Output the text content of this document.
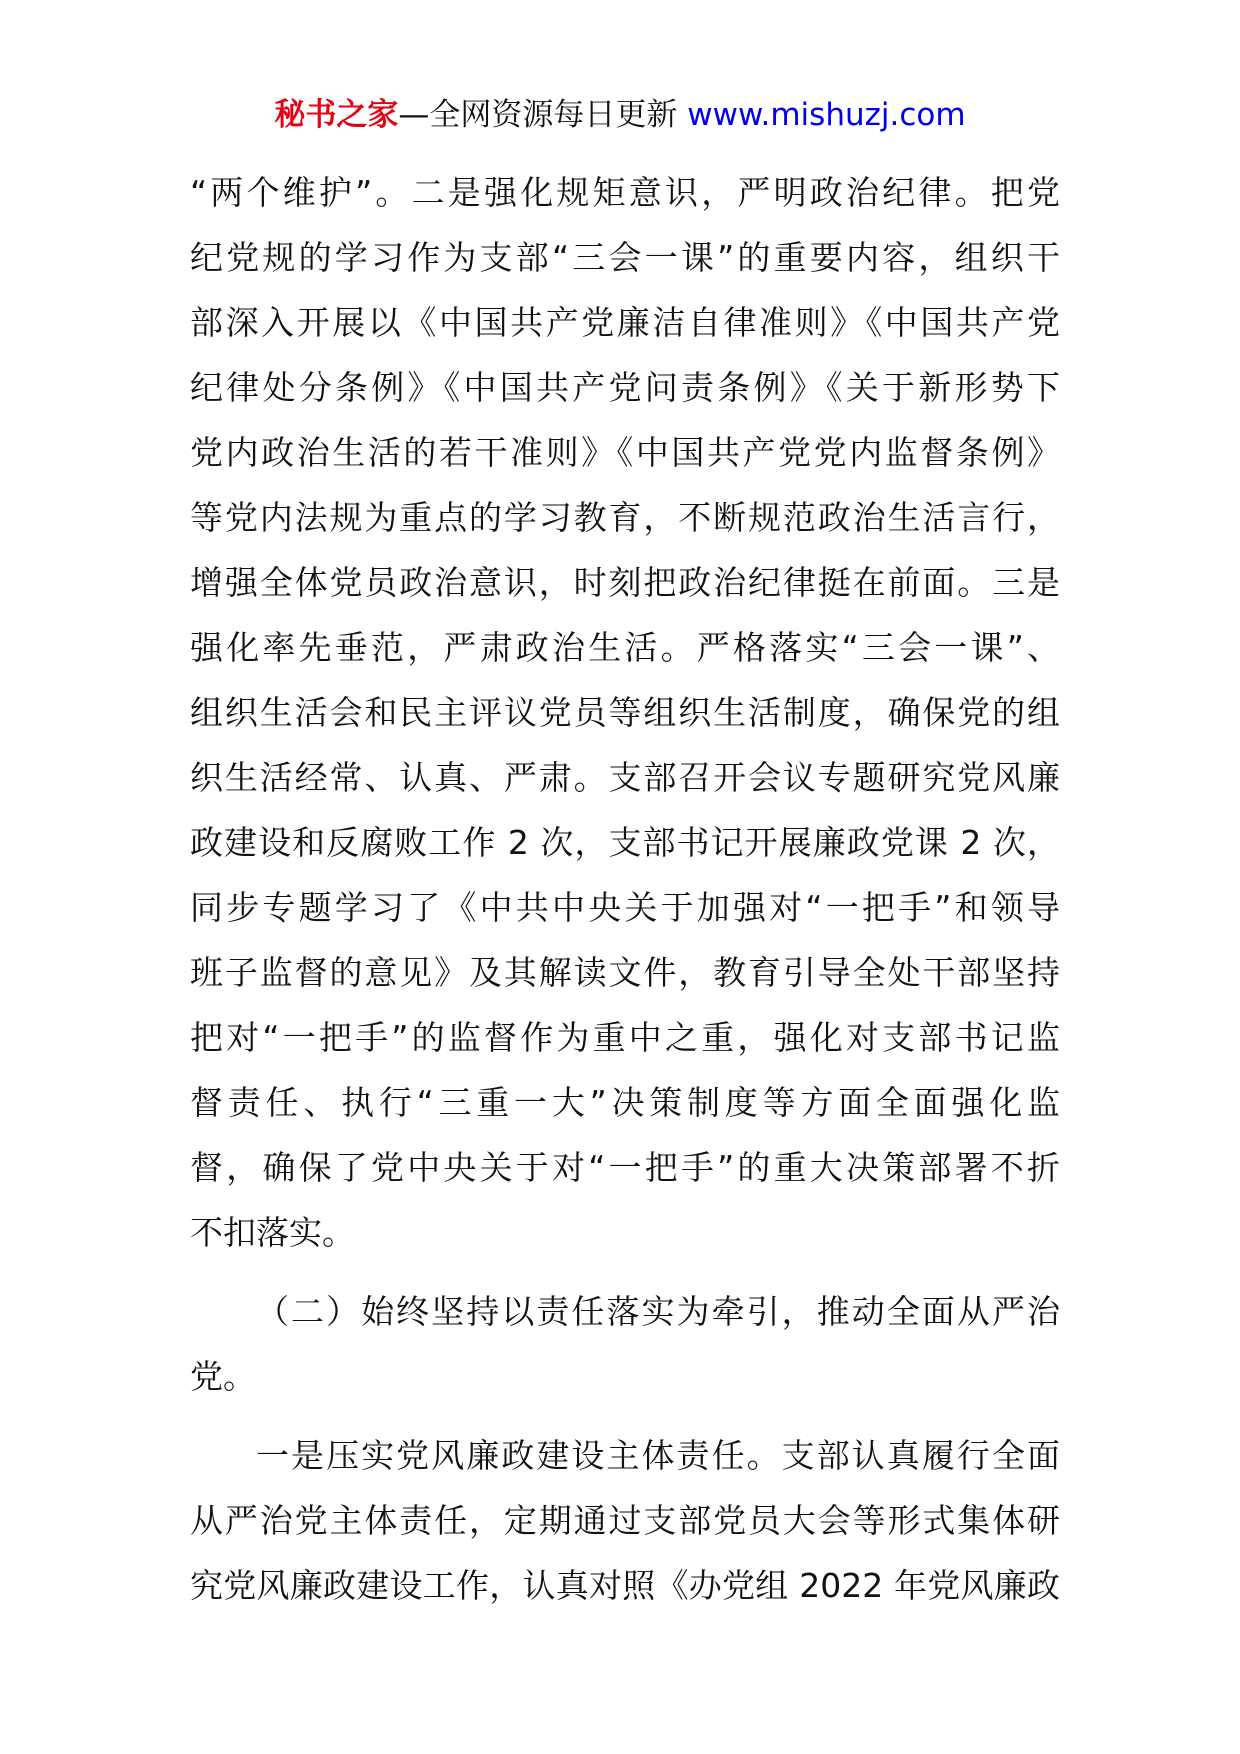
秘书之家—全网资源每日更新 www.mishuzj.com
“两个维护”。二是强化规矩意识，严明政治纪律。把党
纪党规的学习作为支部“三会一课”的重要内容，组织干
部深入开展以《中国共产党廉洁自律准则》《中国共产党
纪律处分条例》《中国共产党问责条例》《关于新形势下
党内政治生活的若干准则》《中国共产党党内监督条例》
等党内法规为重点的学习教育，不断规范政治生活言行，
增强全体党员政治意识，时刻把政治纪律挺在前面。三是
强化率先垂范，严肃政治生活。严格落实“三会一课”、
组织生活会和民主评议党员等组织生活制度，确保党的组
织生活经常、认真、严肃。支部召开会议专题研究党风廉
政建设和反腐败工作 2 次，支部书记开展廉政党课 2 次，
同步专题学习了《中共中央关于加强对“一把手”和领导
班子监督的意见》及其解读文件，教育引导全处干部坚持
把对“一把手”的监督作为重中之重，强化对支部书记监
督责任、执行“三重一大”决策制度等方面全面强化监
督，确保了党中央关于对“一把手”的重大决策部署不折
不扣落实。
（二）始终坚持以责任落实为牵引，推动全面从严治
党。
一是压实党风廉政建设主体责任。支部认真履行全面
从严治党主体责任，定期通过支部党员大会等形式集体研
究党风廉政建设工作，认真对照《办党组 2022 年党风廉政
